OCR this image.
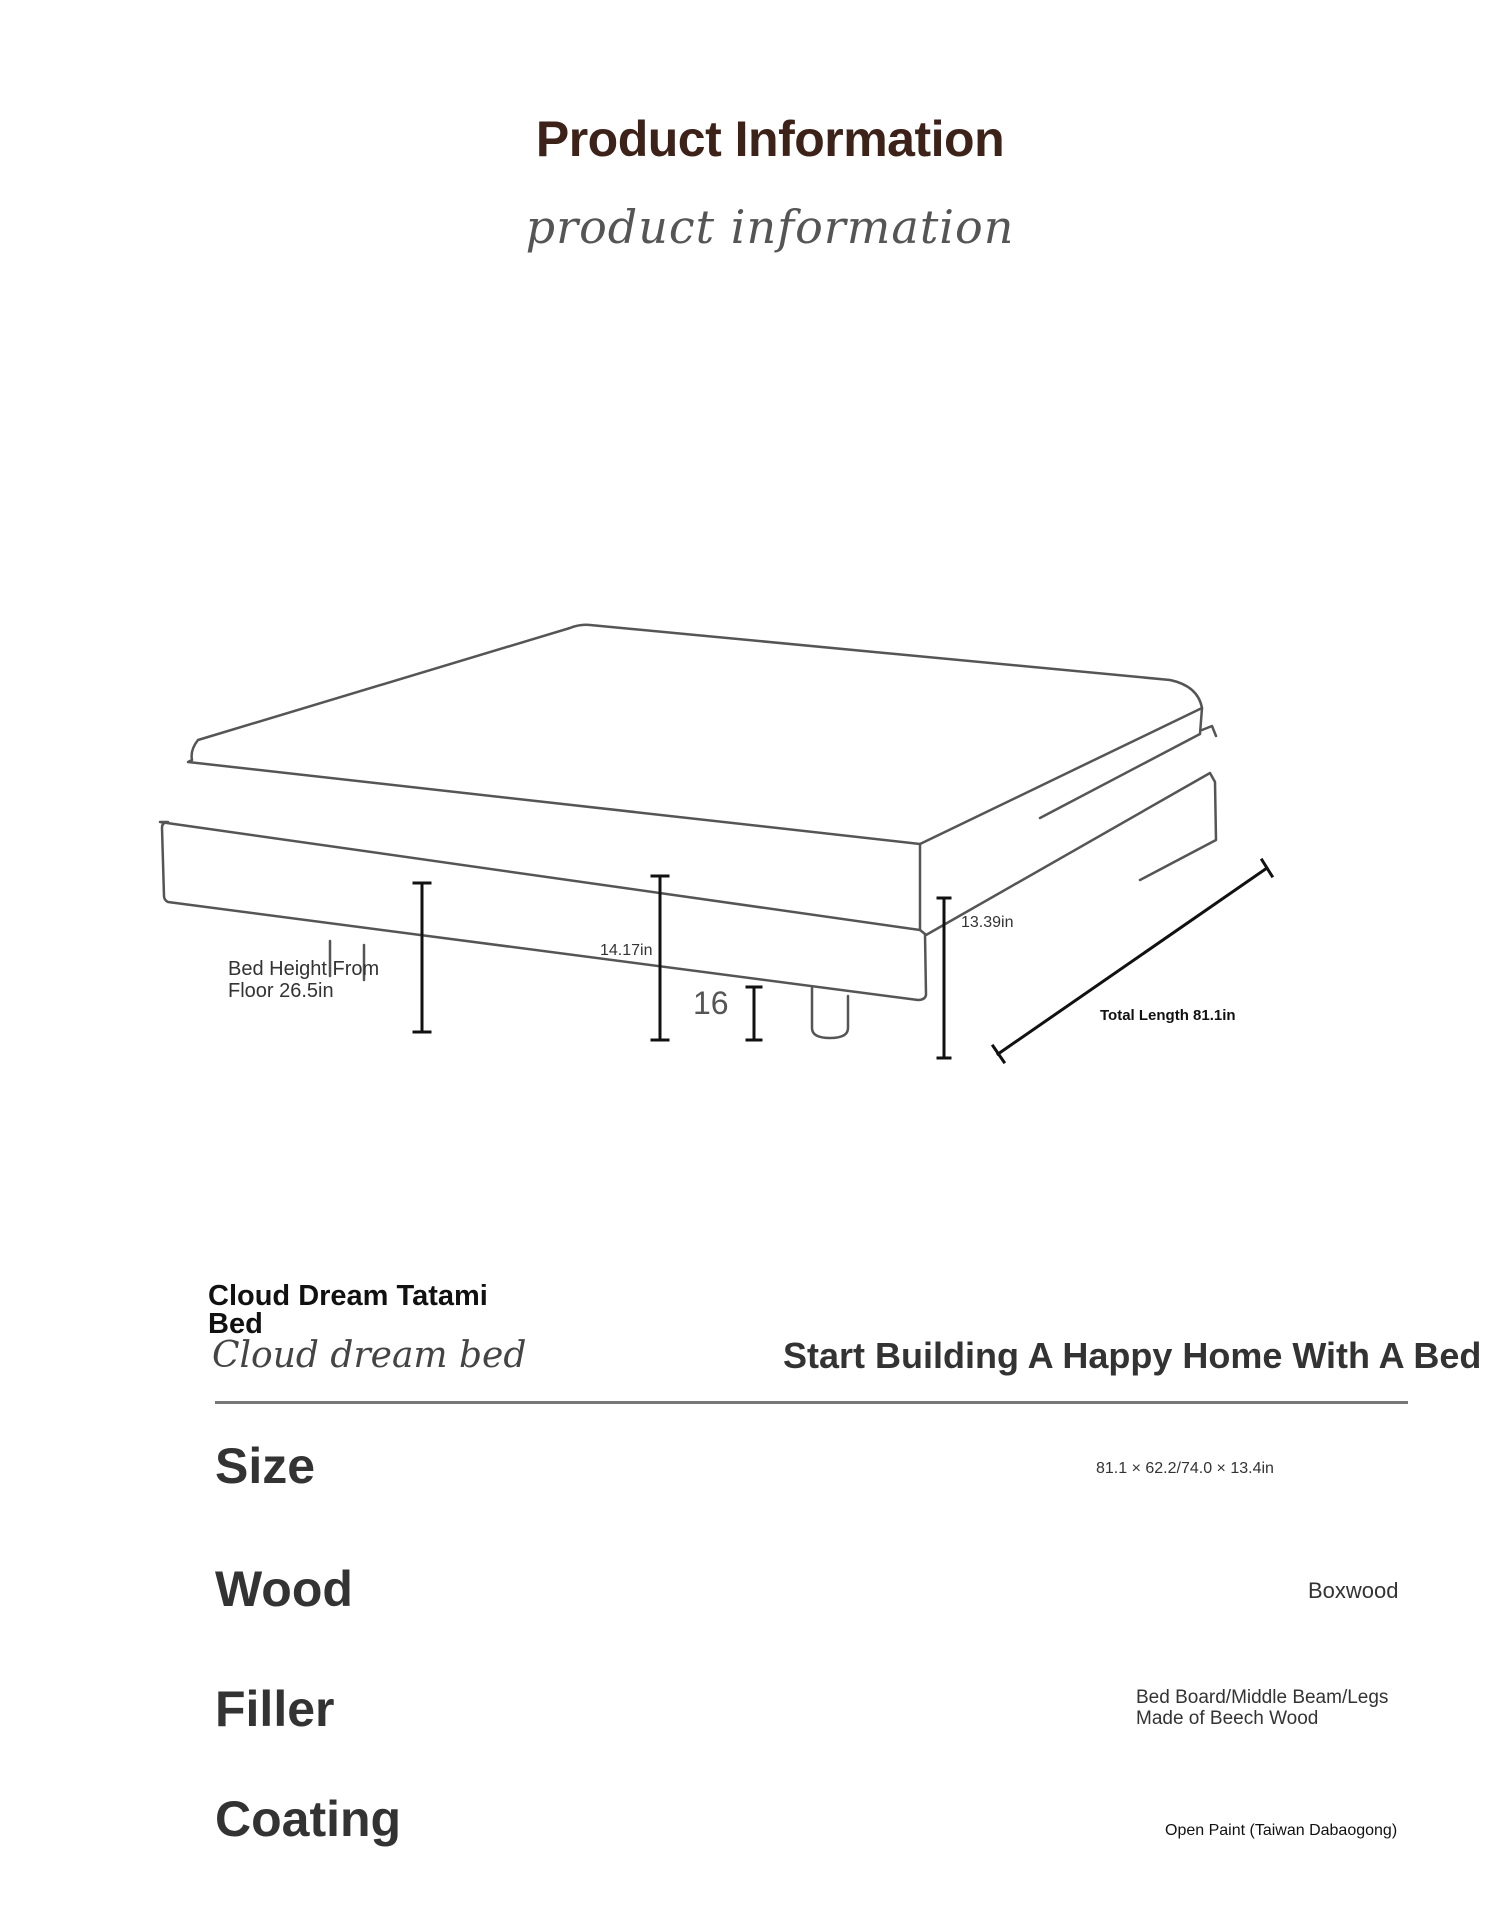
Product Information
product information
Bed Height From Floor 26.5in
14.17in
16
13.39in
Total Length 81.1in
Cloud Dream Tatami Bed
Cloud dream bed	Start Building A Happy Home With A Bed
Size	81.1 × 62.2/74.0 × 13.4in
Wood	Boxwood
Filler	Bed Board/Middle Beam/Legs Made of Beech Wood
Coating	Open Paint (Taiwan Dabaogong)
